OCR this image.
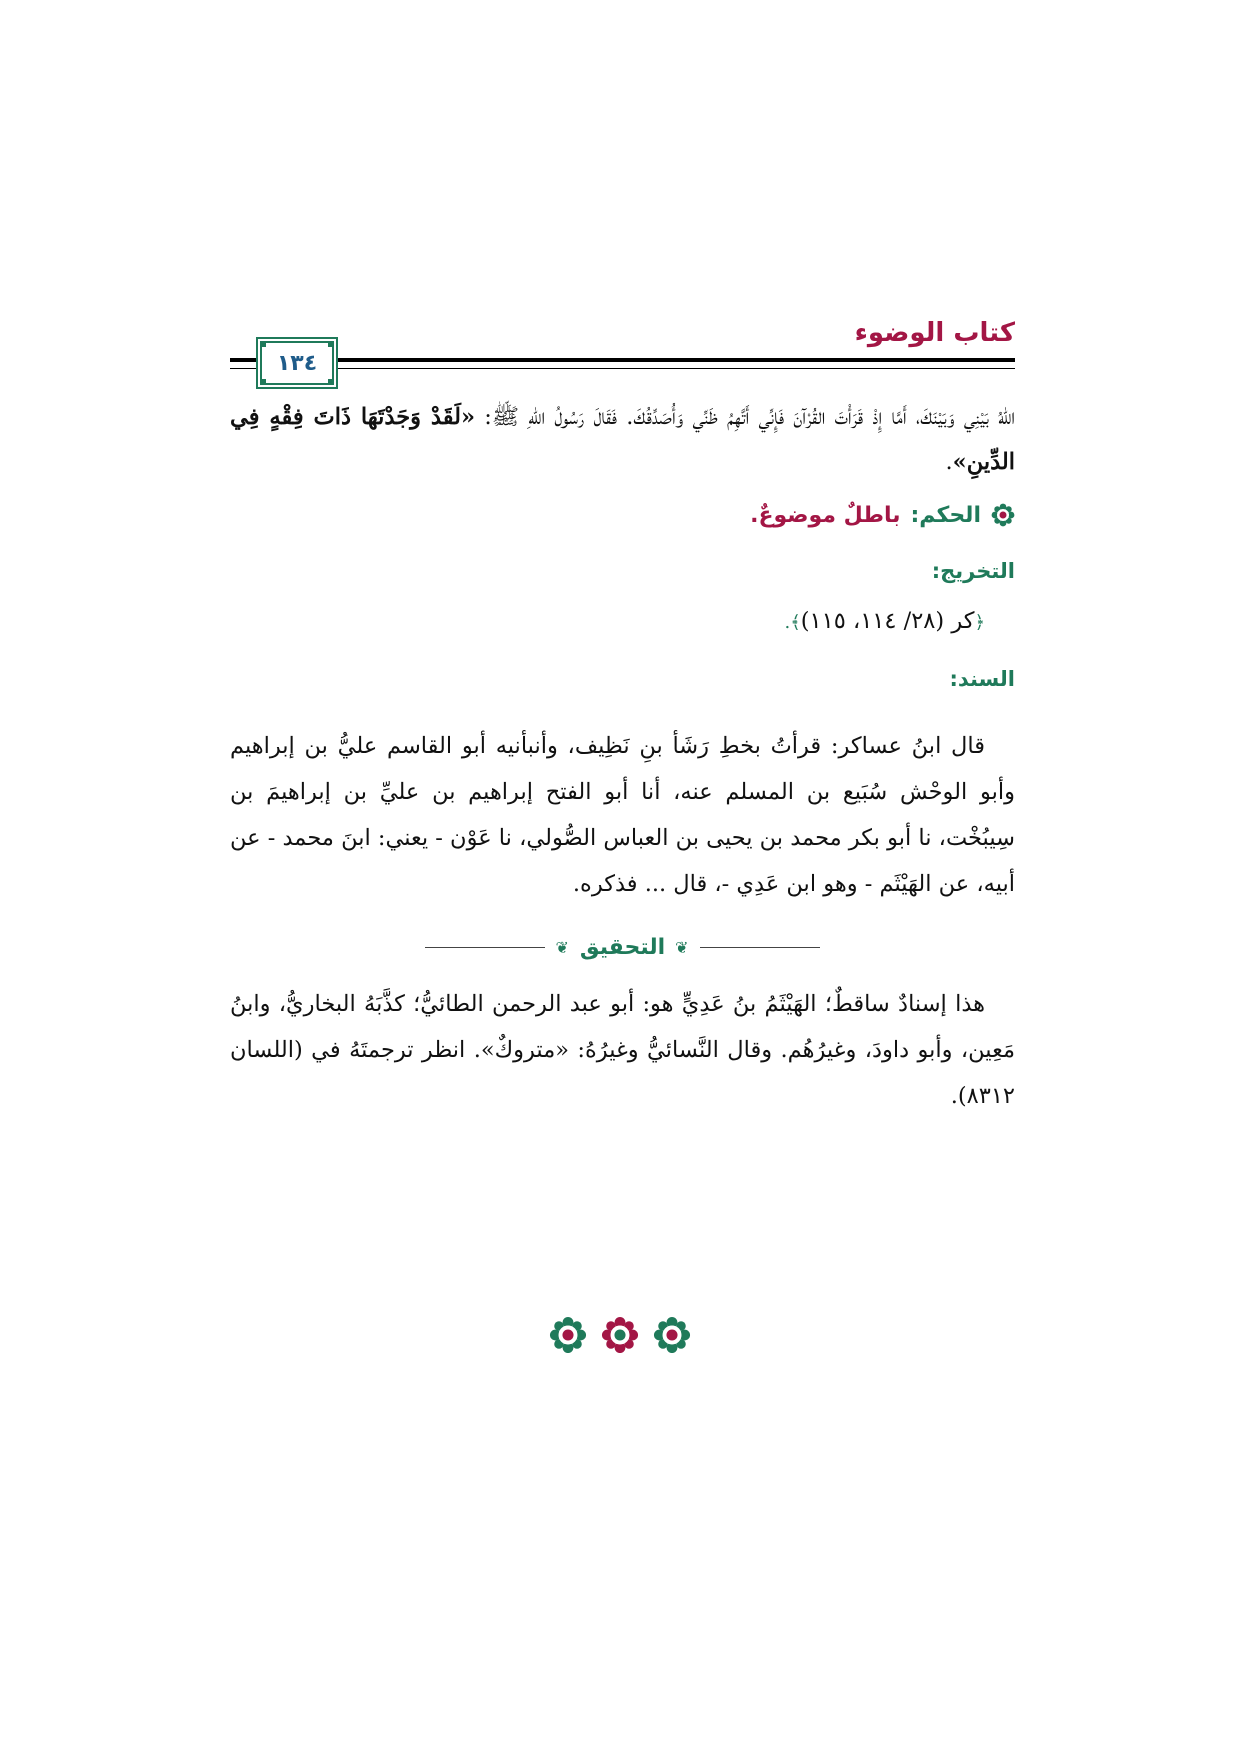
كتاب الوضوء
١٣٤

اللهُ بَيْنِي وَبَيْنَكَ، أَمَّا إِذْ قَرَأْتَ القُرْآنَ فَإِنِّي أَتَّهِمُ ظَنِّي وَأُصَدِّقُكَ. فَقَالَ رَسُولُ اللهِ ﷺ: «لَقَدْ وَجَدْتَهَا ذَاتَ فِقْهٍ فِي الدِّينِ».

الحكم:
باطلٌ موضوعٌ.
التخريج:
﴿كر (٢٨/ ١١٤، ١١٥)﴾.
السند:

قال ابنُ عساكر: قرأتُ بخطِ رَشَأ بنِ نَظِيف، وأنبأنيه أبو القاسم عليُّ بن إبراهيم وأبو الوحْش سُبَيع بن المسلم عنه، أنا أبو الفتح إبراهيم بن عليِّ بن إبراهيمَ بن سِيبُخْت، نا أبو بكر محمد بن يحيى بن العباس الصُّولي، نا عَوْن - يعني: ابنَ محمد - عن أبيه، عن الهَيْثَم - وهو ابن عَدِي -، قال ... فذكره.

❦
التحقيق
❦

هذا إسنادٌ ساقطٌ؛ الهَيْثَمُ بنُ عَدِيٍّ هو: أبو عبد الرحمن الطائيُّ؛ كذَّبَهُ البخاريُّ، وابنُ مَعِين، وأبو داودَ، وغيرُهُم. وقال النَّسائيُّ وغيرُهُ: «متروكٌ». انظر ترجمتَهُ في (اللسان ٨٣١٢).
